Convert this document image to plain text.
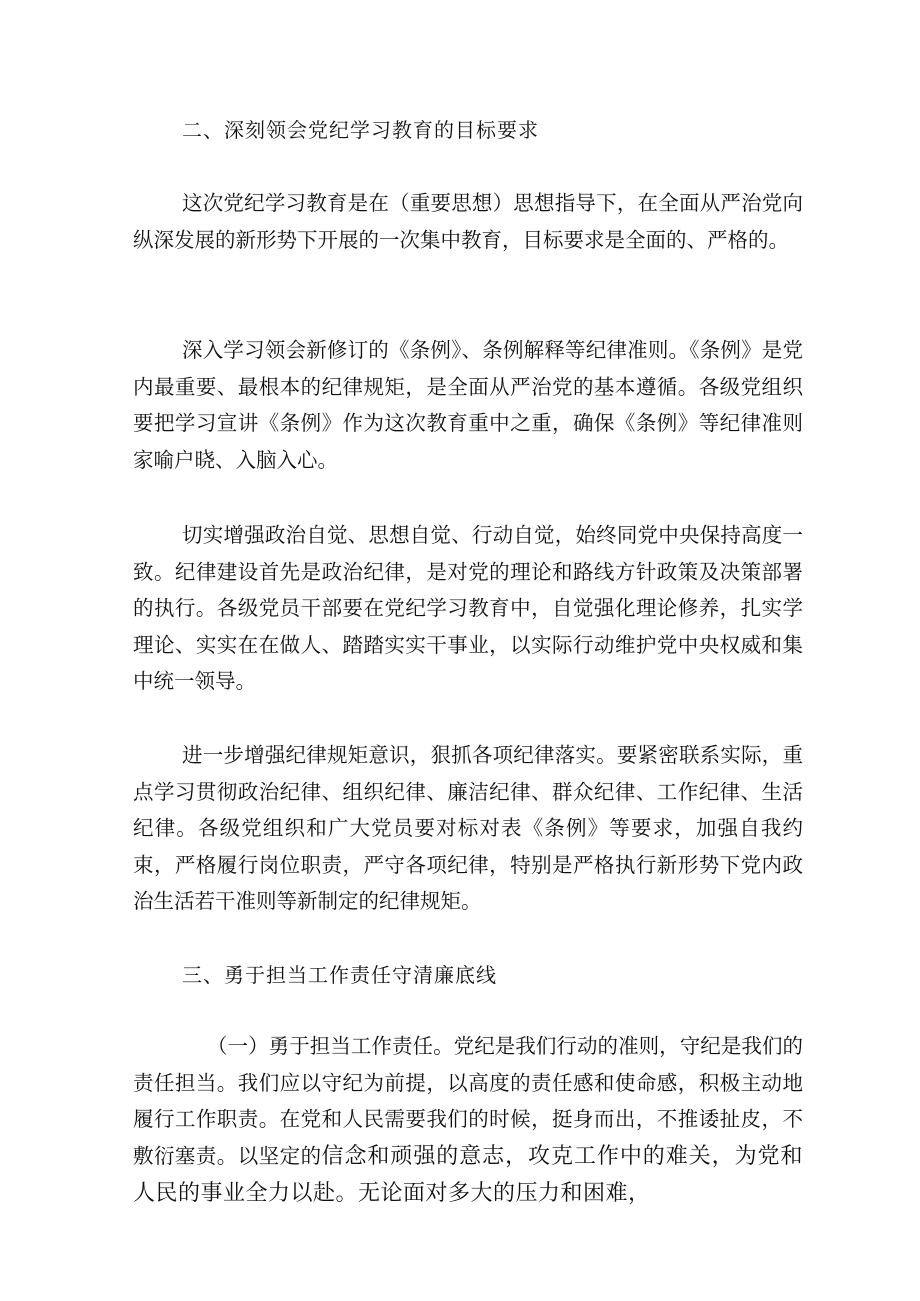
二、深刻领会党纪学习教育的目标要求

这次党纪学习教育是在（重要思想）思想指导下，在全面从严治党向纵深发展的新形势下开展的一次集中教育，目标要求是全面的、严格的。

深入学习领会新修订的《条例》、条例解释等纪律准则。《条例》是党内最重要、最根本的纪律规矩，是全面从严治党的基本遵循。各级党组织要把学习宣讲《条例》作为这次教育重中之重，确保《条例》等纪律准则家喻户晓、入脑入心。

切实增强政治自觉、思想自觉、行动自觉，始终同党中央保持高度一致。纪律建设首先是政治纪律，是对党的理论和路线方针政策及决策部署的执行。各级党员干部要在党纪学习教育中，自觉强化理论修养，扎实学理论、实实在在做人、踏踏实实干事业，以实际行动维护党中央权威和集中统一领导。

进一步增强纪律规矩意识，狠抓各项纪律落实。要紧密联系实际，重点学习贯彻政治纪律、组织纪律、廉洁纪律、群众纪律、工作纪律、生活纪律。各级党组织和广大党员要对标对表《条例》等要求，加强自我约束，严格履行岗位职责，严守各项纪律，特别是严格执行新形势下党内政治生活若干准则等新制定的纪律规矩。

三、勇于担当工作责任守清廉底线

（一）勇于担当工作责任。党纪是我们行动的准则，守纪是我们的责任担当。我们应以守纪为前提，以高度的责任感和使命感，积极主动地履行工作职责。在党和人民需要我们的时候，挺身而出，不推诿扯皮，不敷衍塞责。以坚定的信念和顽强的意志，攻克工作中的难关，为党和人民的事业全力以赴。无论面对多大的压力和困难，
